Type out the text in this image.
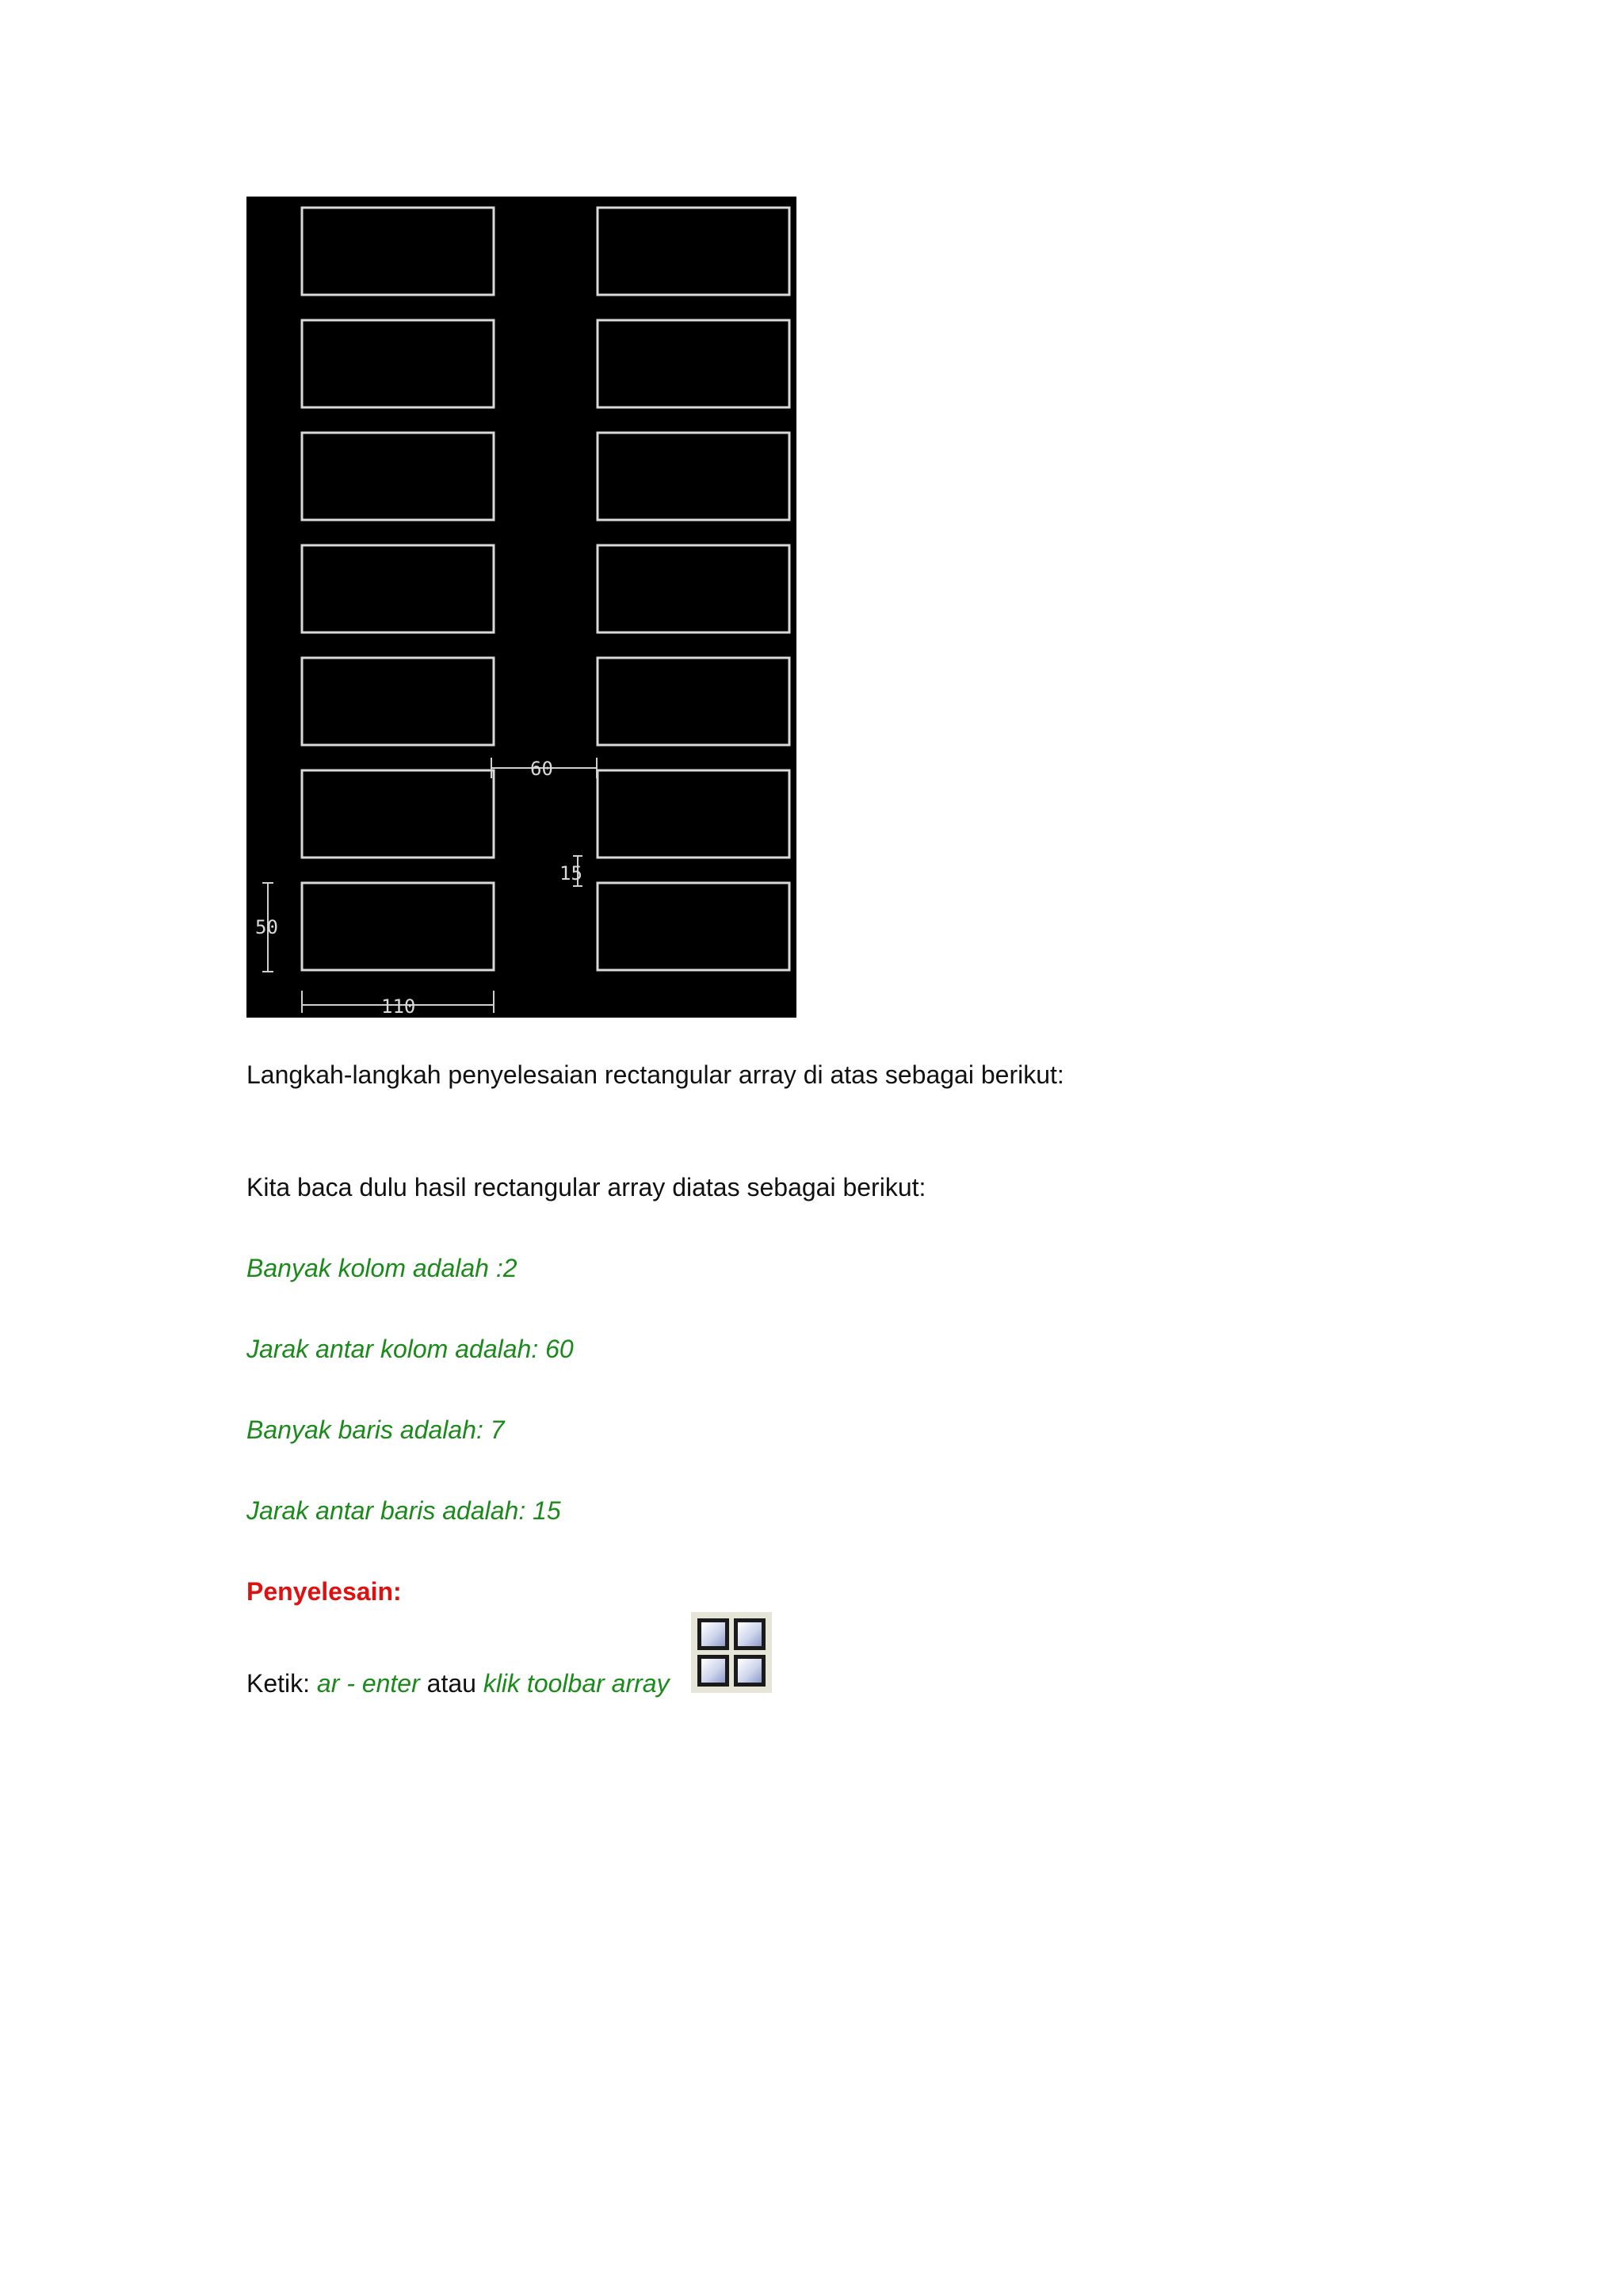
60
15
50
110
Langkah-langkah penyelesaian rectangular array di atas sebagai berikut:
Kita baca dulu hasil rectangular array diatas sebagai berikut:
Banyak kolom adalah :2
Jarak antar kolom adalah: 60
Banyak baris adalah: 7
Jarak antar baris adalah: 15
Penyelesain:
Ketik: ar - enter atau klik toolbar array
